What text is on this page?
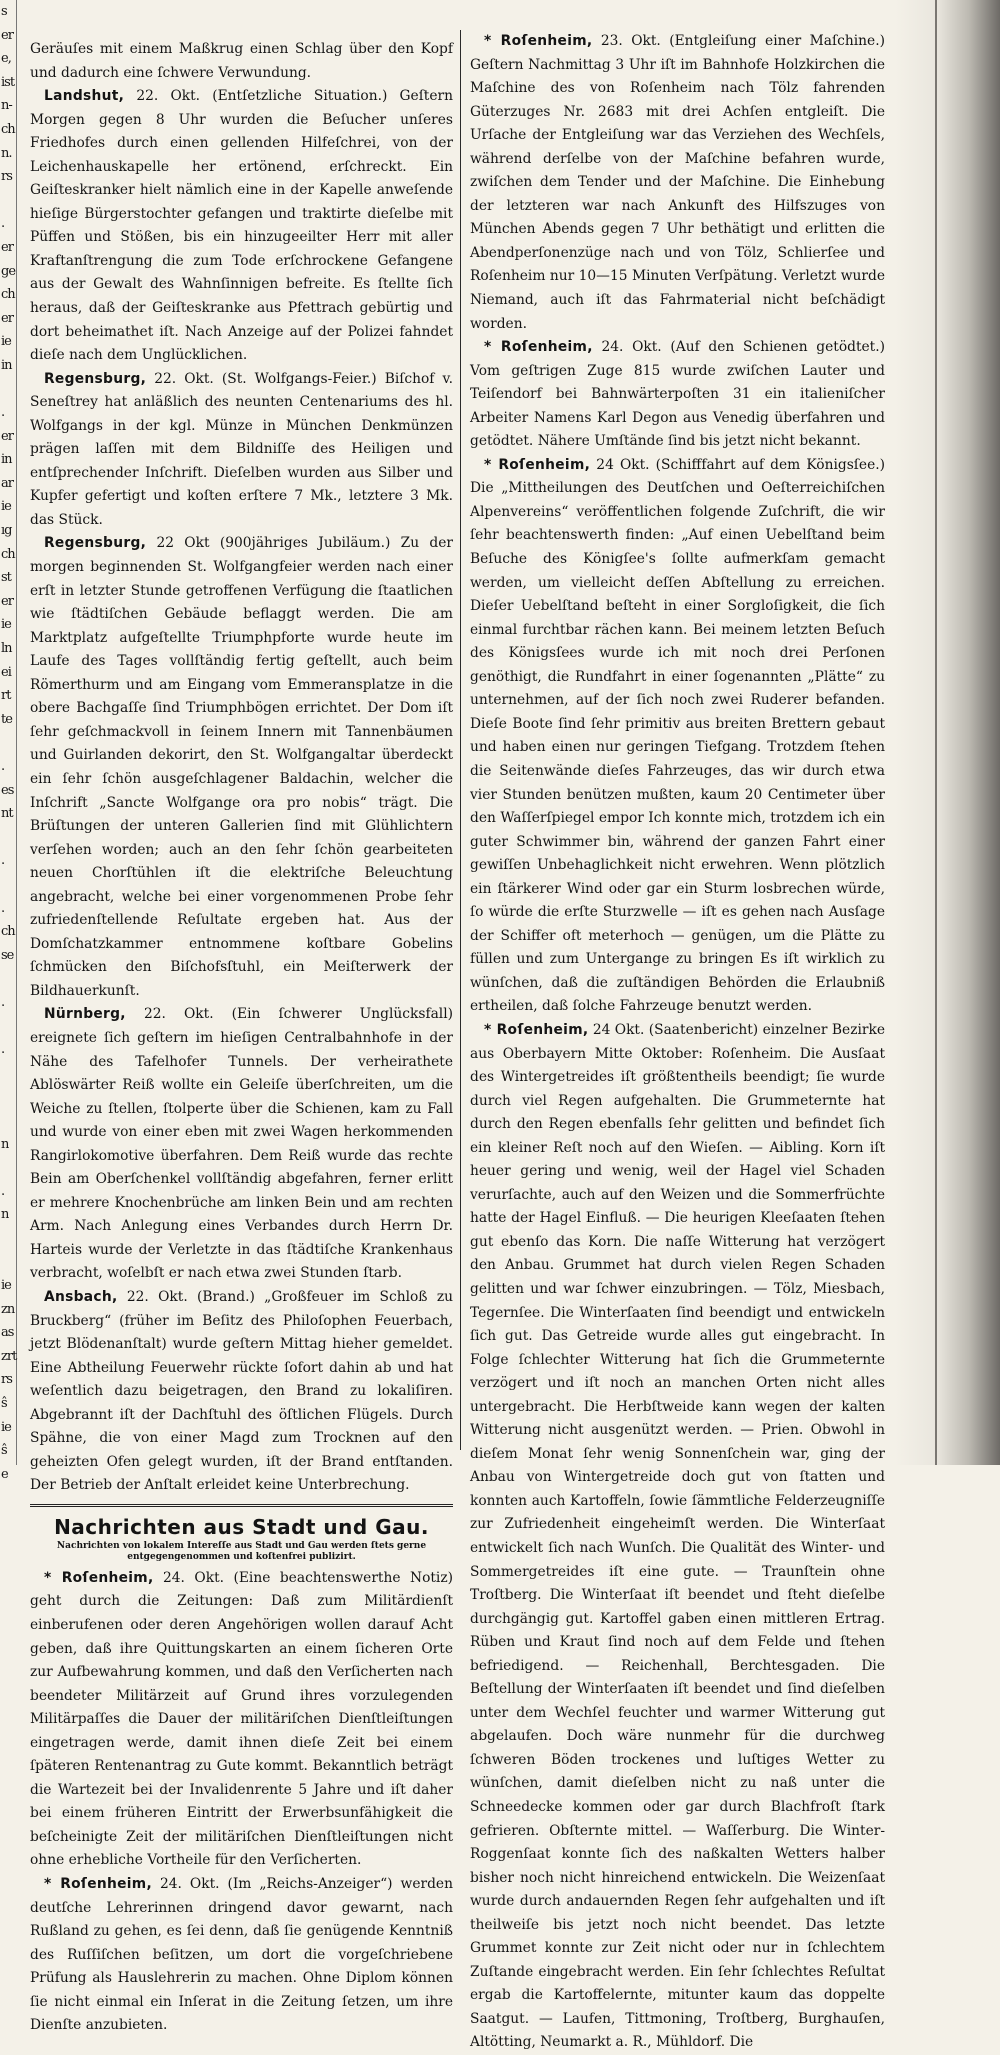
s
er
e,
ist
n-
ch
n.
rs

.
er
ge
ch
er
ie
in

.
er
in
ar
ie
ıg
ch
st
er
ie
ln
ei
rt
te

.
es
nt

.

.
ch
se

.

.

n

.
n

ie
zn
as
zrt
rs
ŝ
ie
ŝ
e

Geräuſes mit einem Maßkrug einen Schlag über den Kopf und dadurch eine ſchwere Verwundung.

Landshut, 22. Okt. (Entſetzliche Situation.) Geſtern Morgen gegen 8 Uhr wurden die Beſucher unſeres Friedhofes durch einen gellenden Hilfeſchrei, von der Leichenhauskapelle her ertönend, erſchreckt. Ein Geiſteskranker hielt nämlich eine in der Kapelle anweſende hieſige Bürgerstochter gefangen und traktirte dieſelbe mit Püffen und Stößen, bis ein hinzugeeilter Herr mit aller Kraftanſtrengung die zum Tode erſchrockene Gefangene aus der Gewalt des Wahnſinnigen befreite. Es ſtellte ſich heraus, daß der Geiſteskranke aus Pfettrach gebürtig und dort beheimathet iſt. Nach Anzeige auf der Polizei fahndet dieſe nach dem Unglücklichen.

Regensburg, 22. Okt. (St. Wolfgangs-Feier.) Biſchof v. Seneſtrey hat anläßlich des neunten Centenariums des hl. Wolfgangs in der kgl. Münze in München Denkmünzen prägen laſſen mit dem Bildniſſe des Heiligen und entſprechender Inſchrift. Dieſelben wurden aus Silber und Kupfer gefertigt und koſten erſtere 7 Mk., letztere 3 Mk. das Stück.

Regensburg, 22 Okt (900jähriges Jubiläum.) Zu der morgen beginnenden St. Wolfgangfeier werden nach einer erſt in letzter Stunde getroffenen Verfügung die ſtaatlichen wie ſtädtiſchen Gebäude beflaggt werden. Die am Marktplatz aufgeſtellte Triumphpforte wurde heute im Laufe des Tages vollſtändig fertig geſtellt, auch beim Römerthurm und am Eingang vom Emmeransplatze in die obere Bachgaſſe ſind Triumphbögen errichtet. Der Dom iſt ſehr geſchmackvoll in ſeinem Innern mit Tannenbäumen und Guirlanden dekorirt, den St. Wolfgangaltar überdeckt ein ſehr ſchön ausgeſchlagener Baldachin, welcher die Inſchrift „Sancte Wolfgange ora pro nobis“ trägt. Die Brüſtungen der unteren Gallerien ſind mit Glühlichtern verſehen worden; auch an den ſehr ſchön gearbeiteten neuen Chorſtühlen iſt die elektriſche Beleuchtung angebracht, welche bei einer vorgenommenen Probe ſehr zufriedenſtellende Reſultate ergeben hat. Aus der Domſchatzkammer entnommene koſtbare Gobelins ſchmücken den Biſchofsſtuhl, ein Meiſterwerk der Bildhauerkunſt.

Nürnberg, 22. Okt. (Ein ſchwerer Unglücksfall) ereignete ſich geſtern im hieſigen Centralbahnhofe in der Nähe des Tafelhofer Tunnels. Der verheirathete Ablöswärter Reiß wollte ein Geleiſe überſchreiten, um die Weiche zu ſtellen, ſtolperte über die Schienen, kam zu Fall und wurde von einer eben mit zwei Wagen herkommenden Rangirlokomotive überfahren. Dem Reiß wurde das rechte Bein am Oberſchenkel vollſtändig abgefahren, ferner erlitt er mehrere Knochenbrüche am linken Bein und am rechten Arm. Nach Anlegung eines Verbandes durch Herrn Dr. Harteis wurde der Verletzte in das ſtädtiſche Krankenhaus verbracht, woſelbſt er nach etwa zwei Stunden ſtarb.

Ansbach, 22. Okt. (Brand.) „Großfeuer im Schloß zu Bruckberg“ (früher im Beſitz des Philoſophen Feuerbach, jetzt Blödenanſtalt) wurde geſtern Mittag hieher gemeldet. Eine Abtheilung Feuerwehr rückte ſofort dahin ab und hat weſentlich dazu beigetragen, den Brand zu lokaliſiren. Abgebrannt iſt der Dachſtuhl des öſtlichen Flügels. Durch Spähne, die von einer Magd zum Trocknen auf den geheizten Ofen gelegt wurden, iſt der Brand entſtanden. Der Betrieb der Anſtalt erleidet keine Unterbrechung.

Nachrichten aus Stadt und Gau.
Nachrichten von lokalem Intereſſe aus Stadt und Gau werden ſtets gerne entgegengenommen und koſtenfrei publizirt.

* Roſenheim, 24. Okt. (Eine beachtenswerthe Notiz) geht durch die Zeitungen: Daß zum Militärdienſt einberufenen oder deren Angehörigen wollen darauf Acht geben, daß ihre Quittungskarten an einem ſicheren Orte zur Aufbewahrung kommen, und daß den Verſicherten nach beendeter Militärzeit auf Grund ihres vorzulegenden Militärpaſſes die Dauer der militäriſchen Dienſtleiſtungen eingetragen werde, damit ihnen dieſe Zeit bei einem ſpäteren Rentenantrag zu Gute kommt. Bekanntlich beträgt die Wartezeit bei der Invalidenrente 5 Jahre und iſt daher bei einem früheren Eintritt der Erwerbsunfähigkeit die beſcheinigte Zeit der militäriſchen Dienſtleiſtungen nicht ohne erhebliche Vortheile für den Verſicherten.

* Roſenheim, 24. Okt. (Im „Reichs-Anzeiger“) werden deutſche Lehrerinnen dringend davor gewarnt, nach Rußland zu gehen, es ſei denn, daß ſie genügende Kenntniß des Ruſſiſchen beſitzen, um dort die vorgeſchriebene Prüfung als Hauslehrerin zu machen. Ohne Diplom können ſie nicht einmal ein Inſerat in die Zeitung ſetzen, um ihre Dienſte anzubieten.

* Roſenheim, 23. Okt. (Entgleiſung einer Maſchine.) Geſtern Nachmittag 3 Uhr iſt im Bahnhofe Holzkirchen die Maſchine des von Roſenheim nach Tölz fahrenden Güterzuges Nr. 2683 mit drei Achſen entgleiſt. Die Urſache der Entgleiſung war das Verziehen des Wechſels, während derſelbe von der Maſchine befahren wurde, zwiſchen dem Tender und der Maſchine. Die Einhebung der letzteren war nach Ankunft des Hilfszuges von München Abends gegen 7 Uhr bethätigt und erlitten die Abendperſonenzüge nach und von Tölz, Schlierſee und Roſenheim nur 10—15 Minuten Verſpätung. Verletzt wurde Niemand, auch iſt das Fahrmaterial nicht beſchädigt worden.

* Roſenheim, 24. Okt. (Auf den Schienen getödtet.) Vom geſtrigen Zuge 815 wurde zwiſchen Lauter und Teiſendorf bei Bahnwärterpoſten 31 ein italieniſcher Arbeiter Namens Karl Degon aus Venedig überfahren und getödtet. Nähere Umſtände ſind bis jetzt nicht bekannt.

* Roſenheim, 24 Okt. (Schifffahrt auf dem Königsſee.) Die „Mittheilungen des Deutſchen und Oeſterreichiſchen Alpenvereins“ veröffentlichen folgende Zuſchrift, die wir ſehr beachtenswerth finden: „Auf einen Uebelſtand beim Beſuche des Königſee's ſollte aufmerkſam gemacht werden, um vielleicht deſſen Abſtellung zu erreichen. Dieſer Uebelſtand beſteht in einer Sorgloſigkeit, die ſich einmal furchtbar rächen kann. Bei meinem letzten Beſuch des Königsſees wurde ich mit noch drei Perſonen genöthigt, die Rundfahrt in einer ſogenannten „Plätte“ zu unternehmen, auf der ſich noch zwei Ruderer befanden. Dieſe Boote ſind ſehr primitiv aus breiten Brettern gebaut und haben einen nur geringen Tiefgang. Trotzdem ſtehen die Seitenwände dieſes Fahrzeuges, das wir durch etwa vier Stunden benützen mußten, kaum 20 Centimeter über den Waſſerſpiegel empor Ich konnte mich, trotzdem ich ein guter Schwimmer bin, während der ganzen Fahrt einer gewiſſen Unbehaglichkeit nicht erwehren. Wenn plötzlich ein ſtärkerer Wind oder gar ein Sturm losbrechen würde, ſo würde die erſte Sturzwelle — iſt es gehen nach Ausſage der Schiffer oft meterhoch — genügen, um die Plätte zu füllen und zum Untergange zu bringen Es iſt wirklich zu wünſchen, daß die zuſtändigen Behörden die Erlaubniß ertheilen, daß ſolche Fahrzeuge benutzt werden.

* Roſenheim, 24 Okt. (Saatenbericht) einzelner Bezirke aus Oberbayern Mitte Oktober: Roſenheim. Die Ausſaat des Wintergetreides iſt größtentheils beendigt; ſie wurde durch viel Regen aufgehalten. Die Grummeternte hat durch den Regen ebenfalls ſehr gelitten und befindet ſich ein kleiner Reſt noch auf den Wieſen. — Aibling. Korn iſt heuer gering und wenig, weil der Hagel viel Schaden verurſachte, auch auf den Weizen und die Sommerfrüchte hatte der Hagel Einfluß. — Die heurigen Kleeſaaten ſtehen gut ebenſo das Korn. Die naſſe Witterung hat verzögert den Anbau. Grummet hat durch vielen Regen Schaden gelitten und war ſchwer einzubringen. — Tölz, Miesbach, Tegernſee. Die Winterſaaten ſind beendigt und entwickeln ſich gut. Das Getreide wurde alles gut eingebracht. In Folge ſchlechter Witterung hat ſich die Grummeternte verzögert und iſt noch an manchen Orten nicht alles untergebracht. Die Herbſtweide kann wegen der kalten Witterung nicht ausgenützt werden. — Prien. Obwohl in dieſem Monat ſehr wenig Sonnenſchein war, ging der Anbau von Wintergetreide doch gut von ſtatten und konnten auch Kartoffeln, ſowie ſämmtliche Felderzeugniſſe zur Zufriedenheit eingeheimſt werden. Die Winterſaat entwickelt ſich nach Wunſch. Die Qualität des Winter- und Sommergetreides iſt eine gute. — Traunſtein ohne Troſtberg. Die Winterſaat iſt beendet und ſteht dieſelbe durchgängig gut. Kartoffel gaben einen mittleren Ertrag. Rüben und Kraut ſind noch auf dem Felde und ſtehen befriedigend. — Reichenhall, Berchtesgaden. Die Beſtellung der Winterſaaten iſt beendet und ſind dieſelben unter dem Wechſel feuchter und warmer Witterung gut abgelaufen. Doch wäre nunmehr für die durchweg ſchweren Böden trockenes und luſtiges Wetter zu wünſchen, damit dieſelben nicht zu naß unter die Schneedecke kommen oder gar durch Blachfroſt ſtark gefrieren. Obſternte mittel. — Waſſerburg. Die Winter-Roggenſaat konnte ſich des naßkalten Wetters halber bisher noch nicht hinreichend entwickeln. Die Weizenſaat wurde durch andauernden Regen ſehr aufgehalten und iſt theilweiſe bis jetzt noch nicht beendet. Das letzte Grummet konnte zur Zeit nicht oder nur in ſchlechtem Zuſtande eingebracht werden. Ein ſehr ſchlechtes Reſultat ergab die Kartoffelernte, mitunter kaum das doppelte Saatgut. — Laufen, Tittmoning, Troſtberg, Burghauſen, Altötting, Neumarkt a. R., Mühldorf. Die
